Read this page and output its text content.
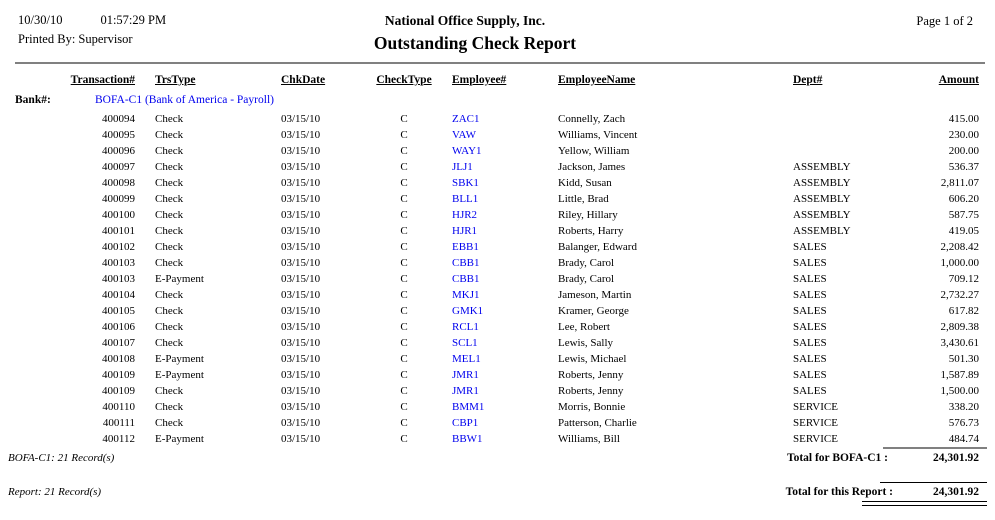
10/30/10	01:57:29 PM
Printed By: Supervisor
National Office Supply, Inc.
Outstanding Check Report
Page 1 of 2
Transaction#	TrsType	ChkDate	CheckType	Employee#	EmployeeName	Dept#	Amount

400094	Check	03/15/10	C	ZAC1	Connelly, Zach		415.00
400095	Check	03/15/10	C	VAW	Williams, Vincent		230.00
400096	Check	03/15/10	C	WAY1	Yellow, William		200.00
400097	Check	03/15/10	C	JLJ1	Jackson, James	ASSEMBLY	536.37
400098	Check	03/15/10	C	SBK1	Kidd, Susan	ASSEMBLY	2,811.07
400099	Check	03/15/10	C	BLL1	Little, Brad	ASSEMBLY	606.20
400100	Check	03/15/10	C	HJR2	Riley, Hillary	ASSEMBLY	587.75
400101	Check	03/15/10	C	HJR1	Roberts, Harry	ASSEMBLY	419.05
400102	Check	03/15/10	C	EBB1	Balanger, Edward	SALES	2,208.42
400103	Check	03/15/10	C	CBB1	Brady, Carol	SALES	1,000.00
400103	E-Payment	03/15/10	C	CBB1	Brady, Carol	SALES	709.12
400104	Check	03/15/10	C	MKJ1	Jameson, Martin	SALES	2,732.27
400105	Check	03/15/10	C	GMK1	Kramer, George	SALES	617.82
400106	Check	03/15/10	C	RCL1	Lee, Robert	SALES	2,809.38
400107	Check	03/15/10	C	SCL1	Lewis, Sally	SALES	3,430.61
400108	E-Payment	03/15/10	C	MEL1	Lewis, Michael	SALES	501.30
400109	E-Payment	03/15/10	C	JMR1	Roberts, Jenny	SALES	1,587.89
400109	Check	03/15/10	C	JMR1	Roberts, Jenny	SALES	1,500.00
400110	Check	03/15/10	C	BMM1	Morris, Bonnie	SERVICE	338.20
400111	Check	03/15/10	C	CBP1	Patterson, Charlie	SERVICE	576.73
400112	E-Payment	03/15/10	C	BBW1	Williams, Bill	SERVICE	484.74
Bank#:	BOFA-C1 (Bank of America - Payroll)
BOFA-C1: 21 Record(s)	Total for BOFA-C1 :	24,301.92
Report: 21 Record(s)	Total for this Report :	24,301.92
